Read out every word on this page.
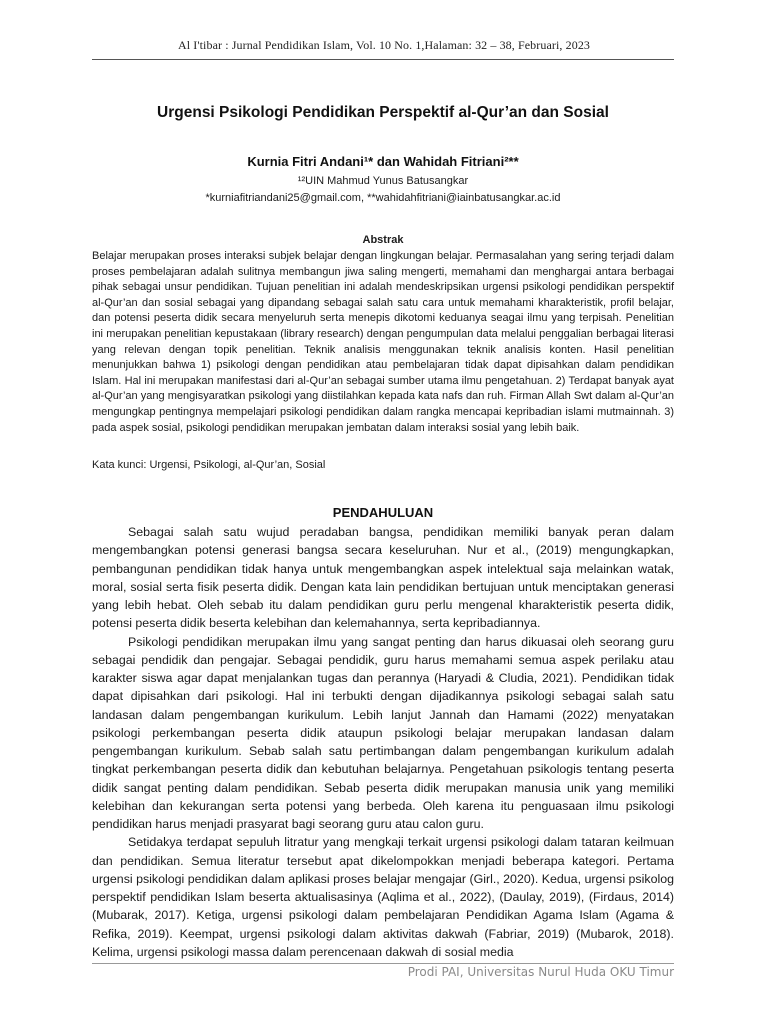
Al I'tibar : Jurnal Pendidikan Islam, Vol. 10 No. 1,Halaman: 32 – 38, Februari, 2023
Urgensi Psikologi Pendidikan Perspektif al-Qur’an dan Sosial
Kurnia Fitri Andani¹* dan Wahidah Fitriani²**
¹²UIN Mahmud Yunus Batusangkar
*kurniafitriandani25@gmail.com, **wahidahfitriani@iainbatusangkar.ac.id
Abstrak
Belajar merupakan proses interaksi subjek belajar dengan lingkungan belajar. Permasalahan yang sering terjadi dalam proses pembelajaran adalah sulitnya membangun jiwa saling mengerti, memahami dan menghargai antara berbagai pihak sebagai unsur pendidikan. Tujuan penelitian ini adalah mendeskripsikan urgensi psikologi pendidikan perspektif al-Qur’an dan sosial sebagai yang dipandang sebagai salah satu cara untuk memahami kharakteristik, profil belajar, dan potensi peserta didik secara menyeluruh serta menepis dikotomi keduanya seagai ilmu yang terpisah. Penelitian ini merupakan penelitian kepustakaan (library research) dengan pengumpulan data melalui penggalian berbagai literasi yang relevan dengan topik penelitian. Teknik analisis menggunakan teknik analisis konten. Hasil penelitian menunjukkan bahwa 1) psikologi dengan pendidikan atau pembelajaran tidak dapat dipisahkan dalam pendidikan Islam. Hal ini merupakan manifestasi dari al-Qur’an sebagai sumber utama ilmu pengetahuan. 2) Terdapat banyak ayat al-Qur’an yang mengisyaratkan psikologi yang diistilahkan kepada kata nafs dan ruh. Firman Allah Swt dalam al-Qur’an mengungkap pentingnya mempelajari psikologi pendidikan dalam rangka mencapai kepribadian islami mutmainnah. 3) pada aspek sosial, psikologi pendidikan merupakan jembatan dalam interaksi sosial yang lebih baik.
Kata kunci: Urgensi, Psikologi, al-Qur’an, Sosial
PENDAHULUAN

Sebagai salah satu wujud peradaban bangsa, pendidikan memiliki banyak peran dalam mengembangkan potensi generasi bangsa secara keseluruhan. Nur et al., (2019) mengungkapkan, pembangunan pendidikan tidak hanya untuk mengembangkan aspek intelektual saja melainkan watak, moral, sosial serta fisik peserta didik. Dengan kata lain pendidikan bertujuan untuk menciptakan generasi yang lebih hebat. Oleh sebab itu dalam pendidikan guru perlu mengenal kharakteristik peserta didik, potensi peserta didik beserta kelebihan dan kelemahannya, serta kepribadiannya.

Psikologi pendidikan merupakan ilmu yang sangat penting dan harus dikuasai oleh seorang guru sebagai pendidik dan pengajar. Sebagai pendidik, guru harus memahami semua aspek perilaku atau karakter siswa agar dapat menjalankan tugas dan perannya (Haryadi & Cludia, 2021). Pendidikan tidak dapat dipisahkan dari psikologi. Hal ini terbukti dengan dijadikannya psikologi sebagai salah satu landasan dalam pengembangan kurikulum. Lebih lanjut Jannah dan Hamami (2022) menyatakan psikologi perkembangan peserta didik ataupun psikologi belajar merupakan landasan dalam pengembangan kurikulum. Sebab salah satu pertimbangan dalam pengembangan kurikulum adalah tingkat perkembangan peserta didik dan kebutuhan belajarnya. Pengetahuan psikologis tentang peserta didik sangat penting dalam pendidikan. Sebab peserta didik merupakan manusia unik yang memiliki kelebihan dan kekurangan serta potensi yang berbeda. Oleh karena itu penguasaan ilmu psikologi pendidikan harus menjadi prasyarat bagi seorang guru atau calon guru.

Setidakya terdapat sepuluh litratur yang mengkaji terkait urgensi psikologi dalam tataran keilmuan dan pendidikan. Semua literatur tersebut apat dikelompokkan menjadi beberapa kategori. Pertama urgensi psikologi pendidikan dalam aplikasi proses belajar mengajar (Girl., 2020). Kedua, urgensi psikolog perspektif pendidikan Islam beserta aktualisasinya (Aqlima et al., 2022), (Daulay, 2019), (Firdaus, 2014) (Mubarak, 2017). Ketiga, urgensi psikologi dalam pembelajaran Pendidikan Agama Islam (Agama & Refika, 2019). Keempat, urgensi psikologi dalam aktivitas dakwah (Fabriar, 2019) (Mubarok, 2018). Kelima, urgensi psikologi massa dalam perencenaan dakwah di sosial media

Prodi PAI, Universitas Nurul Huda OKU Timur
